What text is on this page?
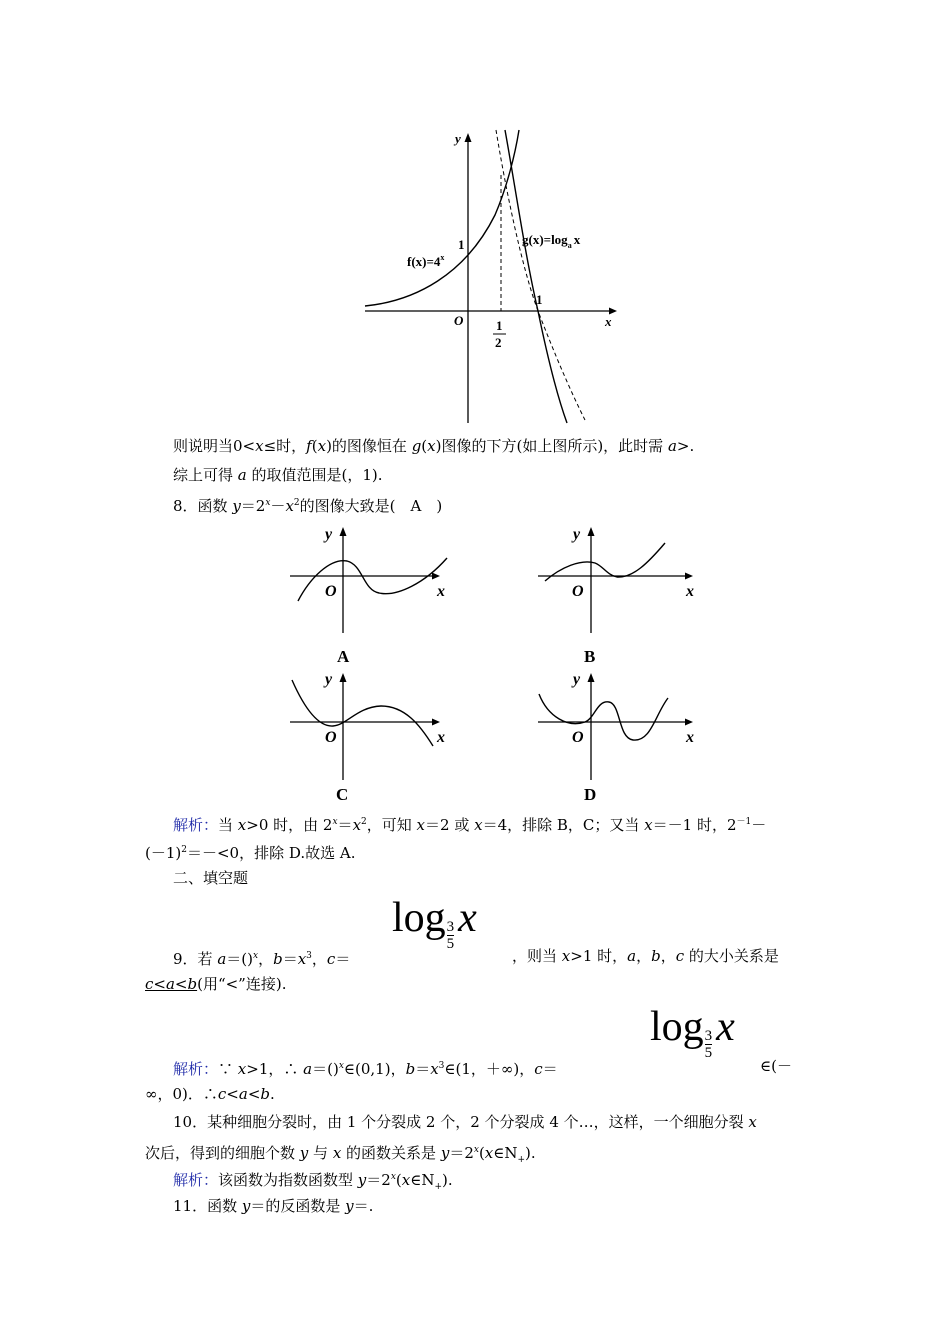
y
x
O
1
1
1
2
$f(x)=4^x$
$g(x)=\log_a$ x
则说明当0<x≤时，f(x)的图像恒在 g(x)图像的下方(如上图所示)，此时需 a>.
综上可得 a 的取值范围是(，1).
8．函数 $y=2^x-x^2$的图像大致是(　A　)
y
x
O
A
y
x
O
B
y
x
O
C
y
x
O
D
解析：当 x>0 时，由 $2^x=x^2$，可知 x＝2 或 x＝4，排除 B，C；又当 x＝－1 时，$2^{-1}-$
$(-1)^2=-<0$，排除 D.故选 A.
二、填空题
$\log \frac{3}{5}$ x
9．若 a＝()$^x$，$b=x^3$，c＝	，则当 x>1 时，a，b，c 的大小关系是
c<a<b(用“<”连接).
$\log \frac{3}{5}$ x
解析：∵ x>1，∴ a＝()$^x$∈(0,1)，$b=x^3\in(1$，＋∞)，c＝	∈(－
∞，0)．∴c<a<b.
10．某种细胞分裂时，由 1 个分裂成 2 个，2 个分裂成 4 个…，这样，一个细胞分裂 x
次后，得到的细胞个数 y 与 x 的函数关系是 $y=2^x(x\in N_+)$.
解析：该函数为指数函数型 $y=2^x(x\in N_+)$.
11．函数 y＝的反函数是 y＝.
